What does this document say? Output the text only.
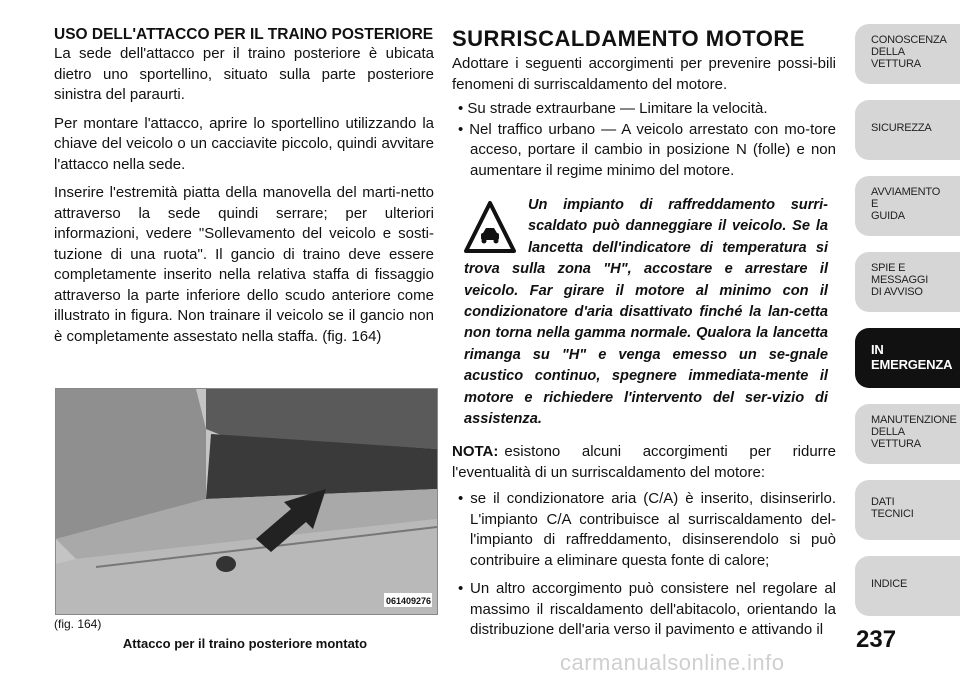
USO DELL'ATTACCO PER IL TRAINO POSTERIORE

La sede dell'attacco per il traino posteriore è ubicata dietro uno sportellino, situato sulla parte posteriore sinistra del paraurti.

Per montare l'attacco, aprire lo sportellino utilizzando la chiave del veicolo o un cacciavite piccolo, quindi avvitare l'attacco nella sede.

Inserire l'estremità piatta della manovella del marti-netto attraverso la sede quindi serrare; per ulteriori informazioni, vedere "Sollevamento del veicolo e sosti-tuzione di una ruota". Il gancio di traino deve essere completamente inserito nella relativa staffa di fissaggio attraverso la parte inferiore dello scudo anteriore come illustrato in figura. Non trainare il veicolo se il gancio non è completamente assestato nella staffa. (fig. 164)

0614092​76
(fig. 164)
Attacco per il traino posteriore montato

SURRISCALDAMENTO MOTORE

Adottare i seguenti accorgimenti per prevenire possi-bili fenomeni di surriscaldamento del motore.

• Su strade extraurbane — Limitare la velocità.
• Nel traffico urbano — A veicolo arrestato con mo-tore acceso, portare il cambio in posizione N (folle) e non aumentare il regime minimo del motore.
Un impianto di raffreddamento surri-scaldato può danneggiare il veicolo. Se la lancetta dell'indicatore di temperatura si trova sulla zona "H", accostare e arrestare il veicolo. Far girare il motore al minimo con il condizionatore d'aria disattivato finché la lan-cetta non torna nella gamma normale. Qualora la lancetta rimanga su "H" e venga emesso un se-gnale acustico continuo, spegnere immediata-mente il motore e richiedere l'intervento del ser-vizio di assistenza.
NOTA: esistono alcuni accorgimenti per ridurre l'eventualità di un surriscaldamento del motore:
• se il condizionatore aria (C/A) è inserito, disinserirlo. L'impianto C/A contribuisce al surriscaldamento del-l'impianto di raffreddamento, disinserendolo si può contribuire a eliminare questa fonte di calore;
• Un altro accorgimento può consistere nel regolare al massimo il riscaldamento dell'abitacolo, orientando la distribuzione dell'aria verso il pavimento e attivando il
CONOSCENZA
DELLA
VETTURA
SICUREZZA
AVVIAMENTO
E
GUIDA
SPIE E
MESSAGGI
DI AVVISO
IN
EMERGENZA
MANUTENZIONE
DELLA
VETTURA
DATI
TECNICI
INDICE
237
carmanualsonline.info
